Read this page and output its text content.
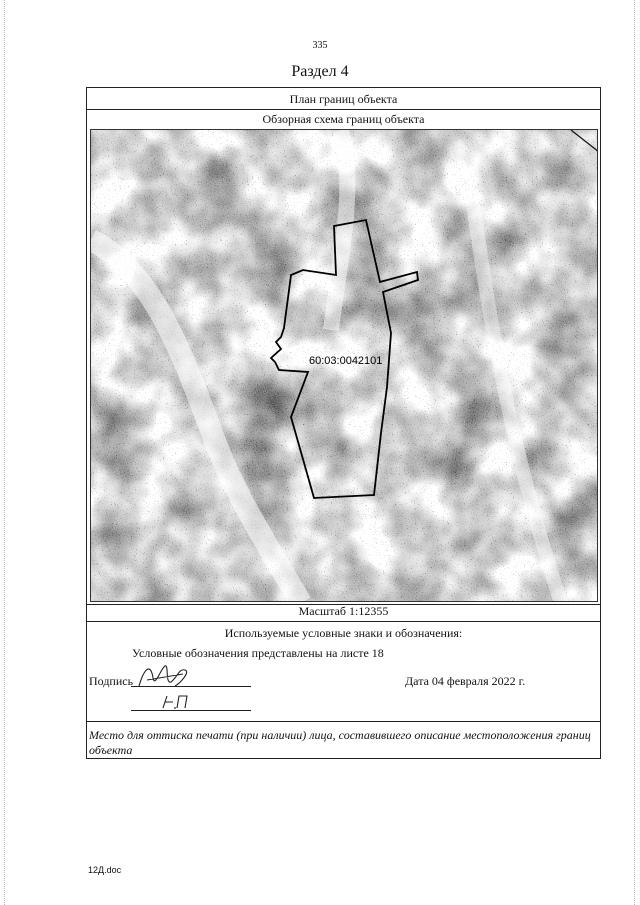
335
Раздел 4
План границ объекта
Обзорная схема границ объекта
60:03:0042101
Масштаб 1:12355
Используемые условные знаки и обозначения:
Условные обозначения представлены на листе 18
Подпись	Дата 04 февраля 2022 г.
Место для оттиска печати (при наличии) лица, составившего описание местоположения границ объекта
12Д.doc
